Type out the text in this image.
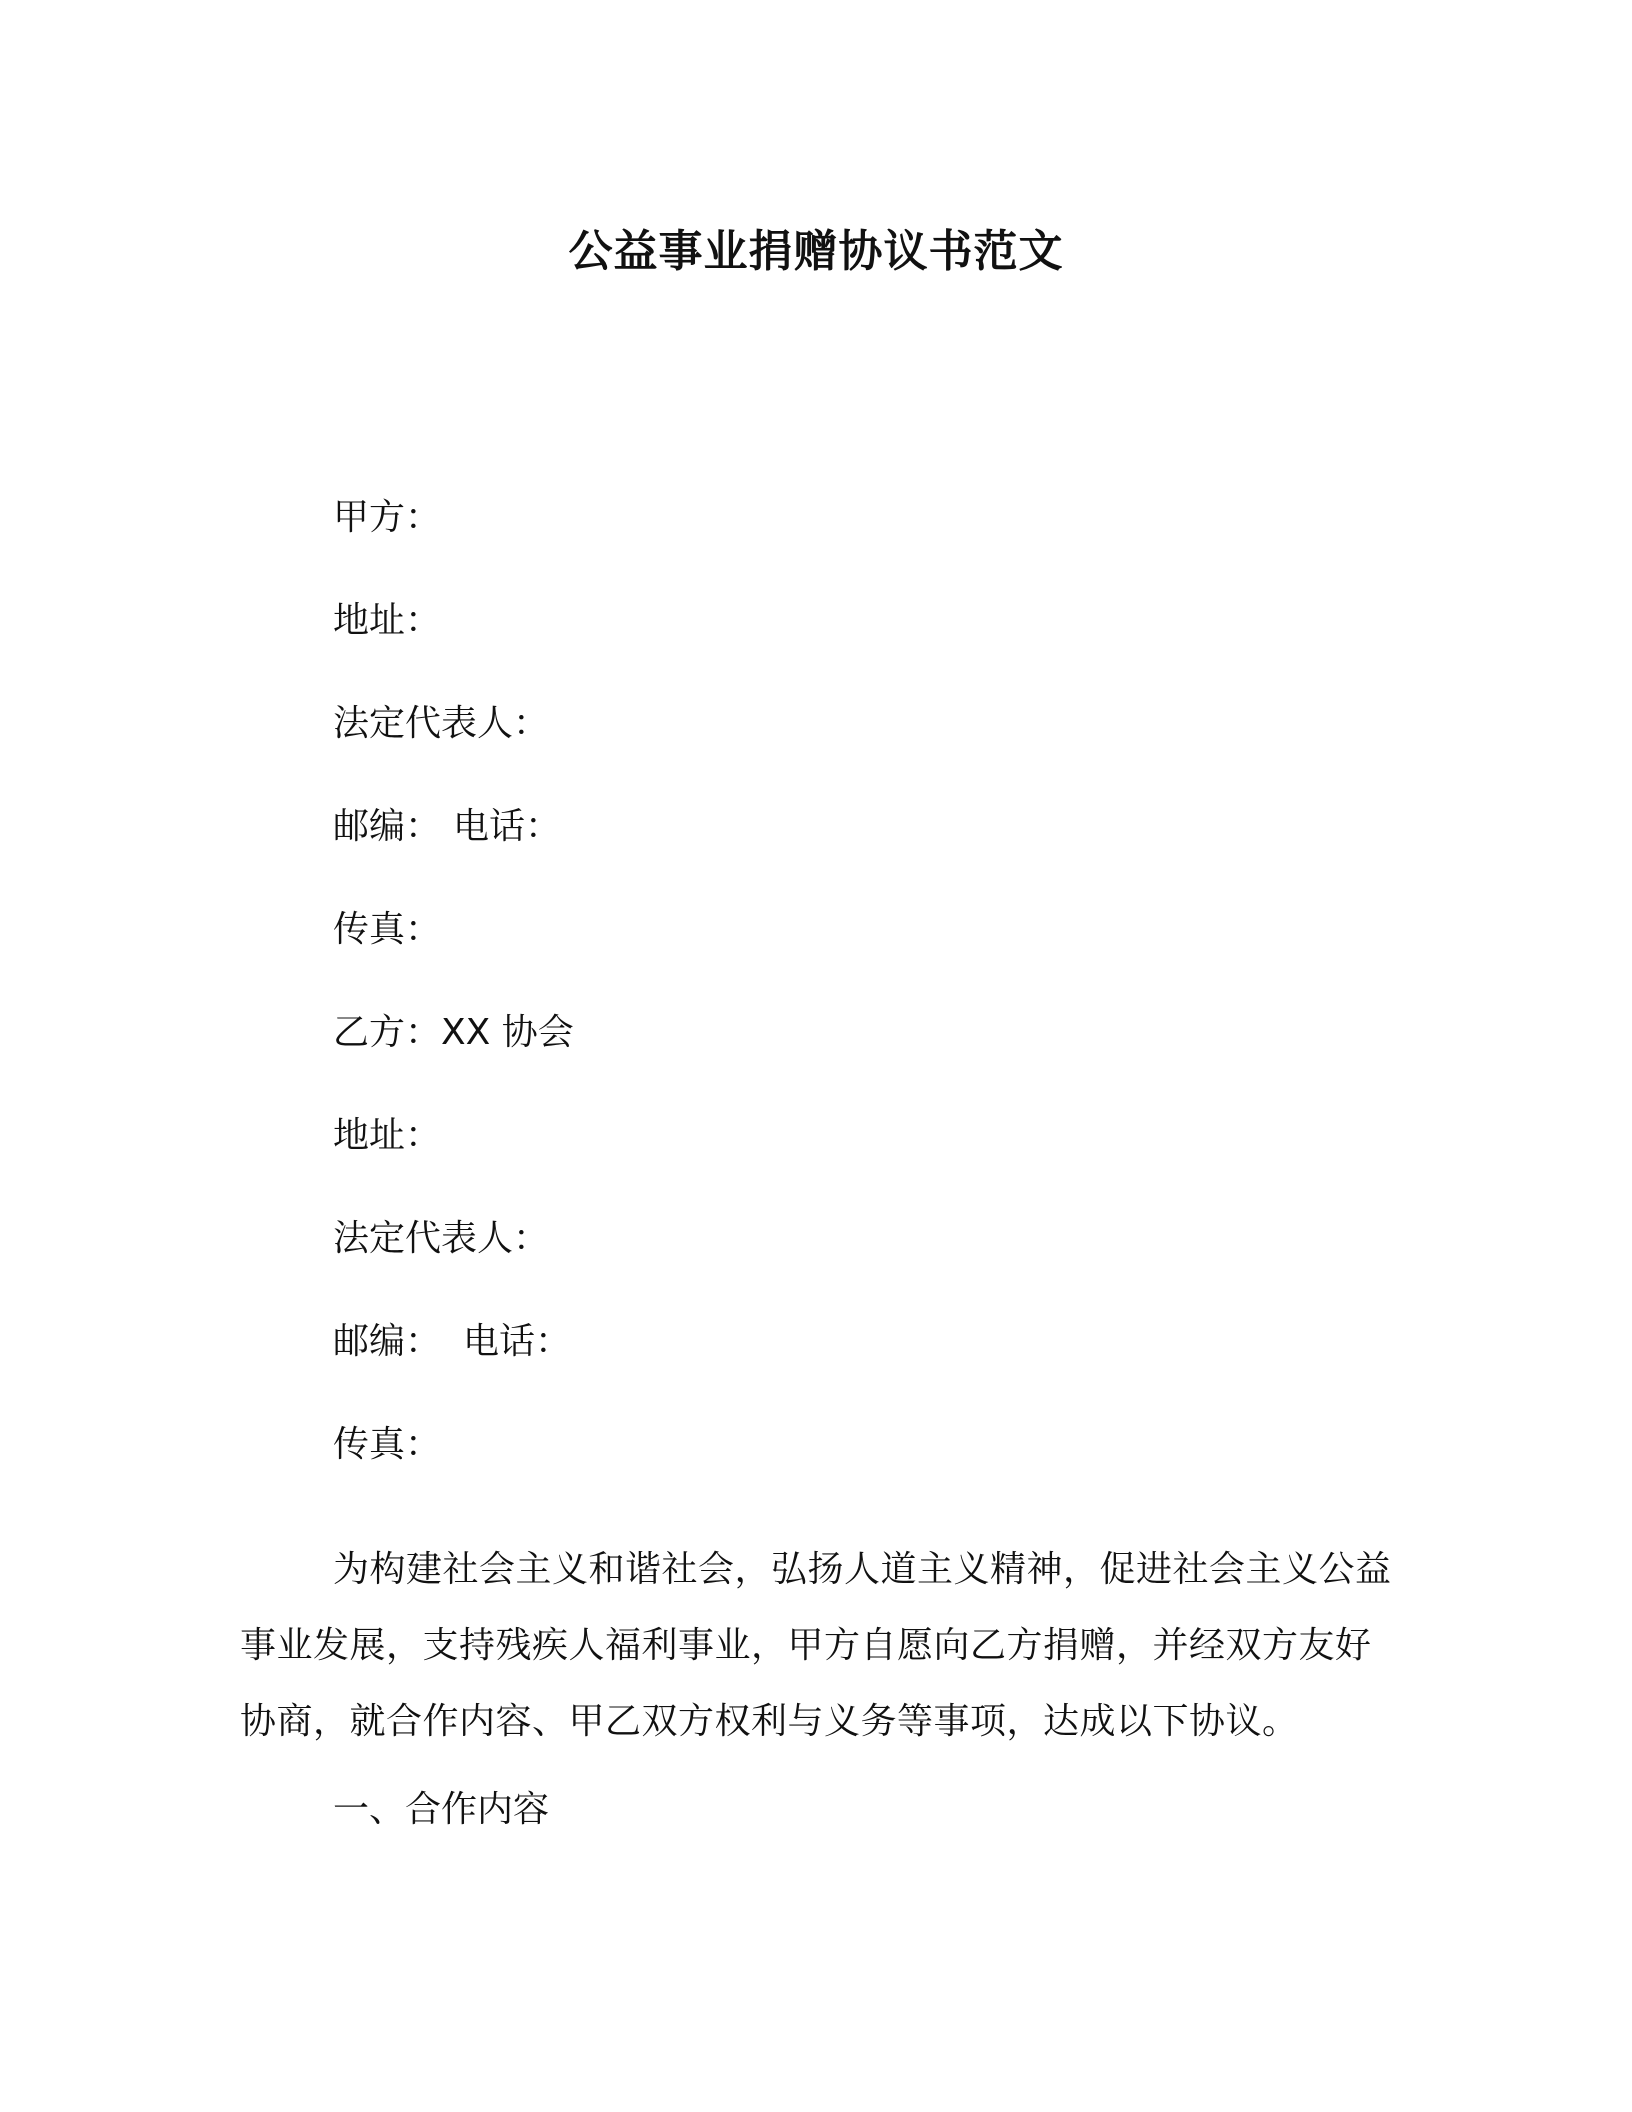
公益事业捐赠协议书范文
甲方：
地址：
法定代表人：
邮编： 电话：
传真：
乙方：XX 协会
地址：
法定代表人：
邮编： 电话：
传真：
为构建社会主义和谐社会，弘扬人道主义精神，促进社会主义公益事业发展，支持残疾人福利事业，甲方自愿向乙方捐赠，并经双方友好协商，就合作内容、甲乙双方权利与义务等事项，达成以下协议。
一、合作内容
